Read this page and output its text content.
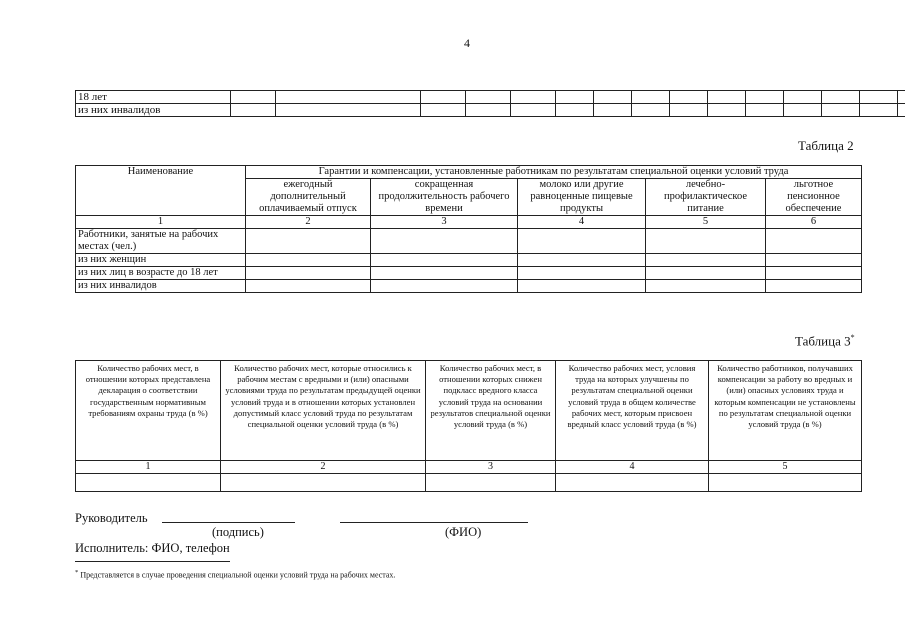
4
18 лет																
из них инвалидов																
Таблица 2
Наименование	Гарантии и компенсации, установленные работникам по результатам специальной оценки условий труда				
	ежегодный дополнительный оплачиваемый отпуск	сокращенная продолжительность рабочего времени	молоко или другие равноценные пищевые продукты	лечебно-профилактическое питание	льготное пенсионное обеспечение
1	2	3	4	5	6
Работники, занятые на рабочих местах (чел.)					
из них женщин					
из них лиц в возрасте до 18 лет					
из них инвалидов					
Таблица 3*
Количество рабочих мест, в отношении которых представлена декларация о соответствии государственным нормативным требованиям охраны труда (в %)	Количество рабочих мест, которые относились к рабочим местам с вредными и (или) опасными условиями труда по результатам предыдущей оценки условий труда и в отношении которых установлен допустимый класс условий труда по результатам специальной оценки условий труда (в %)	Количество рабочих мест, в отношении которых снижен подкласс вредного класса условий труда на основании результатов специальной оценки условий труда (в %)	Количество рабочих мест, условия труда на которых улучшены по результатам специальной оценки условий труда в общем количестве рабочих мест, которым присвоен вредный класс условий труда (в %)	Количество работников, получавших компенсации за работу во вредных и (или) опасных условиях труда и которым компенсации не установлены по результатам специальной оценки условий труда (в %)
1	2	3	4	5

Руководитель
(подпись)	(ФИО)
Исполнитель: ФИО, телефон
* Представляется в случае проведения специальной оценки условий труда на рабочих местах.
